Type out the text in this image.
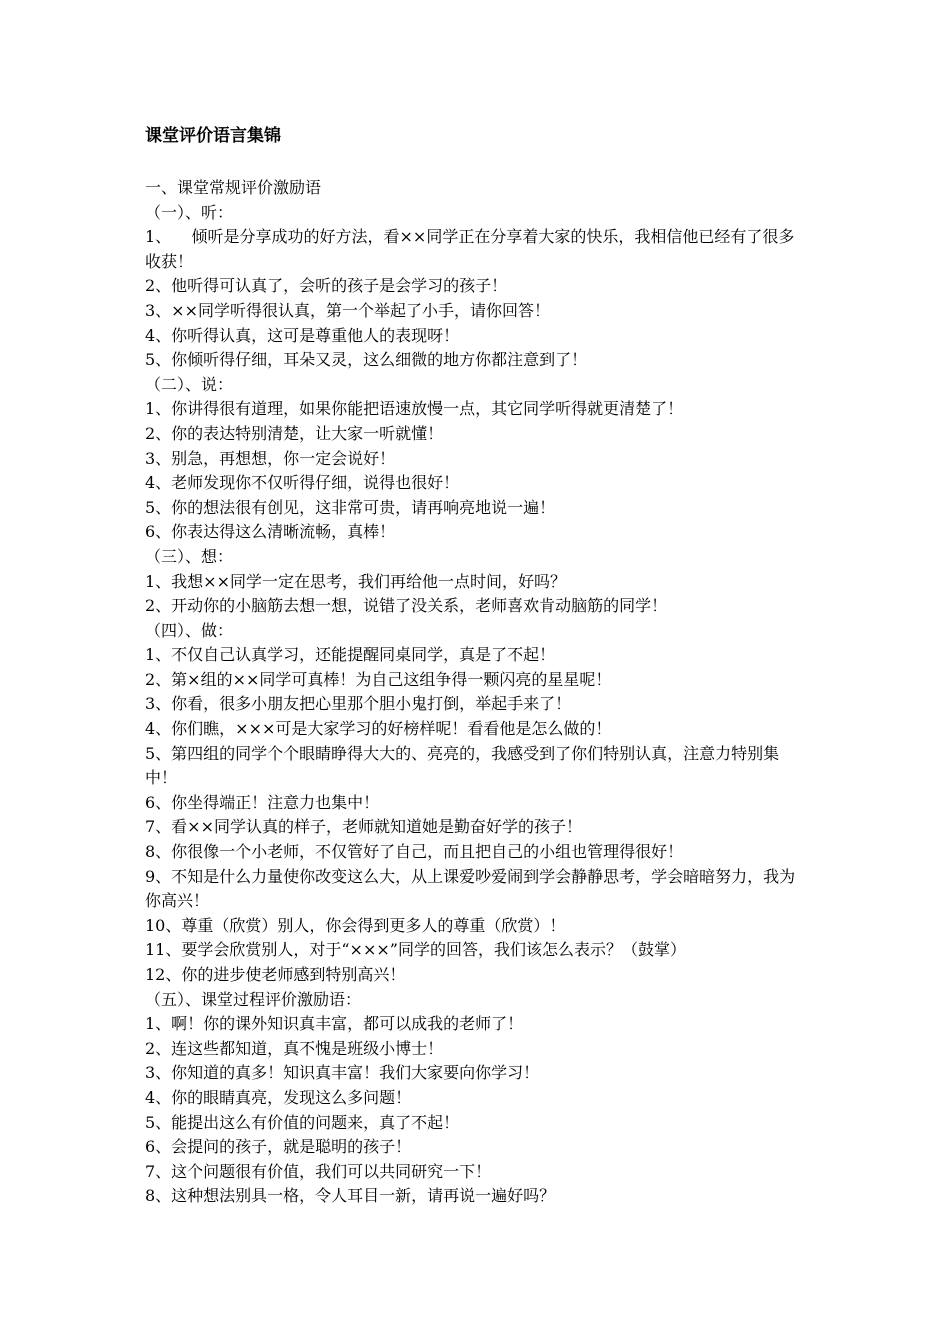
课堂评价语言集锦

一、课堂常规评价激励语

（一）、听：

1、    倾听是分享成功的好方法，看××同学正在分享着大家的快乐，我相信他已经有了很多收获！

2、他听得可认真了，会听的孩子是会学习的孩子！

3、××同学听得很认真，第一个举起了小手，请你回答！

4、你听得认真，这可是尊重他人的表现呀！

5、你倾听得仔细，耳朵又灵，这么细微的地方你都注意到了！

（二）、说：

1、你讲得很有道理，如果你能把语速放慢一点，其它同学听得就更清楚了！

2、你的表达特别清楚，让大家一听就懂！

3、别急，再想想，你一定会说好！

4、老师发现你不仅听得仔细，说得也很好！

5、你的想法很有创见，这非常可贵，请再响亮地说一遍！

6、你表达得这么清晰流畅，真棒！

（三）、想：

1、我想××同学一定在思考，我们再给他一点时间，好吗？

2、开动你的小脑筋去想一想，说错了没关系，老师喜欢肯动脑筋的同学！

（四）、做：

1、不仅自己认真学习，还能提醒同桌同学，真是了不起！

2、第×组的××同学可真棒！为自己这组争得一颗闪亮的星星呢！

3、你看，很多小朋友把心里那个胆小鬼打倒，举起手来了！

4、你们瞧，×××可是大家学习的好榜样呢！看看他是怎么做的！

5、第四组的同学个个眼睛睁得大大的、亮亮的，我感受到了你们特别认真，注意力特别集中！

6、你坐得端正！注意力也集中！

7、看××同学认真的样子，老师就知道她是勤奋好学的孩子！

8、你很像一个小老师，不仅管好了自己，而且把自己的小组也管理得很好！

9、不知是什么力量使你改变这么大，从上课爱吵爱闹到学会静静思考，学会暗暗努力，我为你高兴！

10、尊重（欣赏）别人，你会得到更多人的尊重（欣赏）！

11、要学会欣赏别人，对于“×××”同学的回答，我们该怎么表示？（鼓掌）

12、你的进步使老师感到特别高兴！

（五）、课堂过程评价激励语：

1、啊！你的课外知识真丰富，都可以成我的老师了！

2、连这些都知道，真不愧是班级小博士！

3、你知道的真多！知识真丰富！我们大家要向你学习！

4、你的眼睛真亮，发现这么多问题！

5、能提出这么有价值的问题来，真了不起！

6、会提问的孩子，就是聪明的孩子！

7、这个问题很有价值，我们可以共同研究一下！

8、这种想法别具一格，令人耳目一新，请再说一遍好吗？
